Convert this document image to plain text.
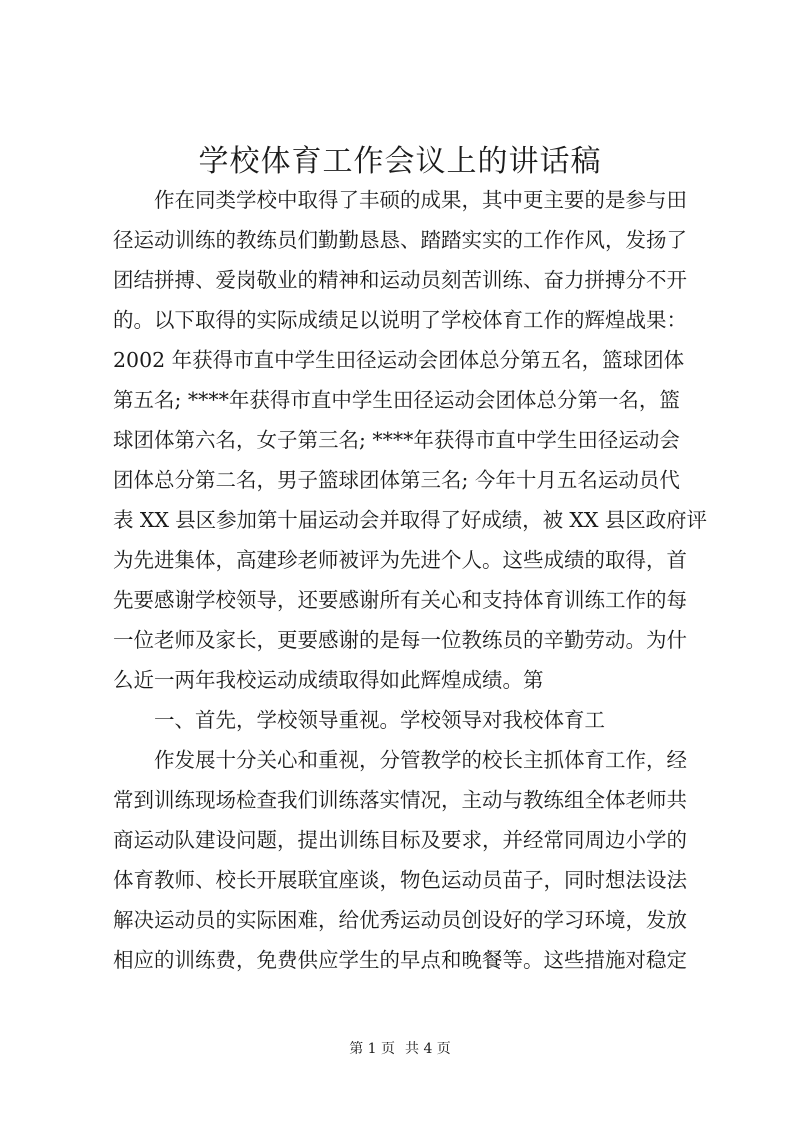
学校体育工作会议上的讲话稿
作在同类学校中取得了丰硕的成果，其中更主要的是参与田
径运动训练的教练员们勤勤恳恳、踏踏实实的工作作风，发扬了
团结拼搏、爱岗敬业的精神和运动员刻苦训练、奋力拼搏分不开
的。以下取得的实际成绩足以说明了学校体育工作的辉煌战果：
2002 年获得市直中学生田径运动会团体总分第五名，篮球团体
第五名; ****年获得市直中学生田径运动会团体总分第一名，篮
球团体第六名，女子第三名; ****年获得市直中学生田径运动会
团体总分第二名，男子篮球团体第三名; 今年十月五名运动员代
表 XX 县区参加第十届运动会并取得了好成绩，被 XX 县区政府评
为先进集体，高建珍老师被评为先进个人。这些成绩的取得，首
先要感谢学校领导，还要感谢所有关心和支持体育训练工作的每
一位老师及家长，更要感谢的是每一位教练员的辛勤劳动。为什
么近一两年我校运动成绩取得如此辉煌成绩。第
一、首先，学校领导重视。学校领导对我校体育工
作发展十分关心和重视，分管教学的校长主抓体育工作，经
常到训练现场检查我们训练落实情况，主动与教练组全体老师共
商运动队建设问题，提出训练目标及要求，并经常同周边小学的
体育教师、校长开展联宜座谈，物色运动员苗子，同时想法设法
解决运动员的实际困难，给优秀运动员创设好的学习环境，发放
相应的训练费，免费供应学生的早点和晚餐等。这些措施对稳定
第 1 页 共 4 页
